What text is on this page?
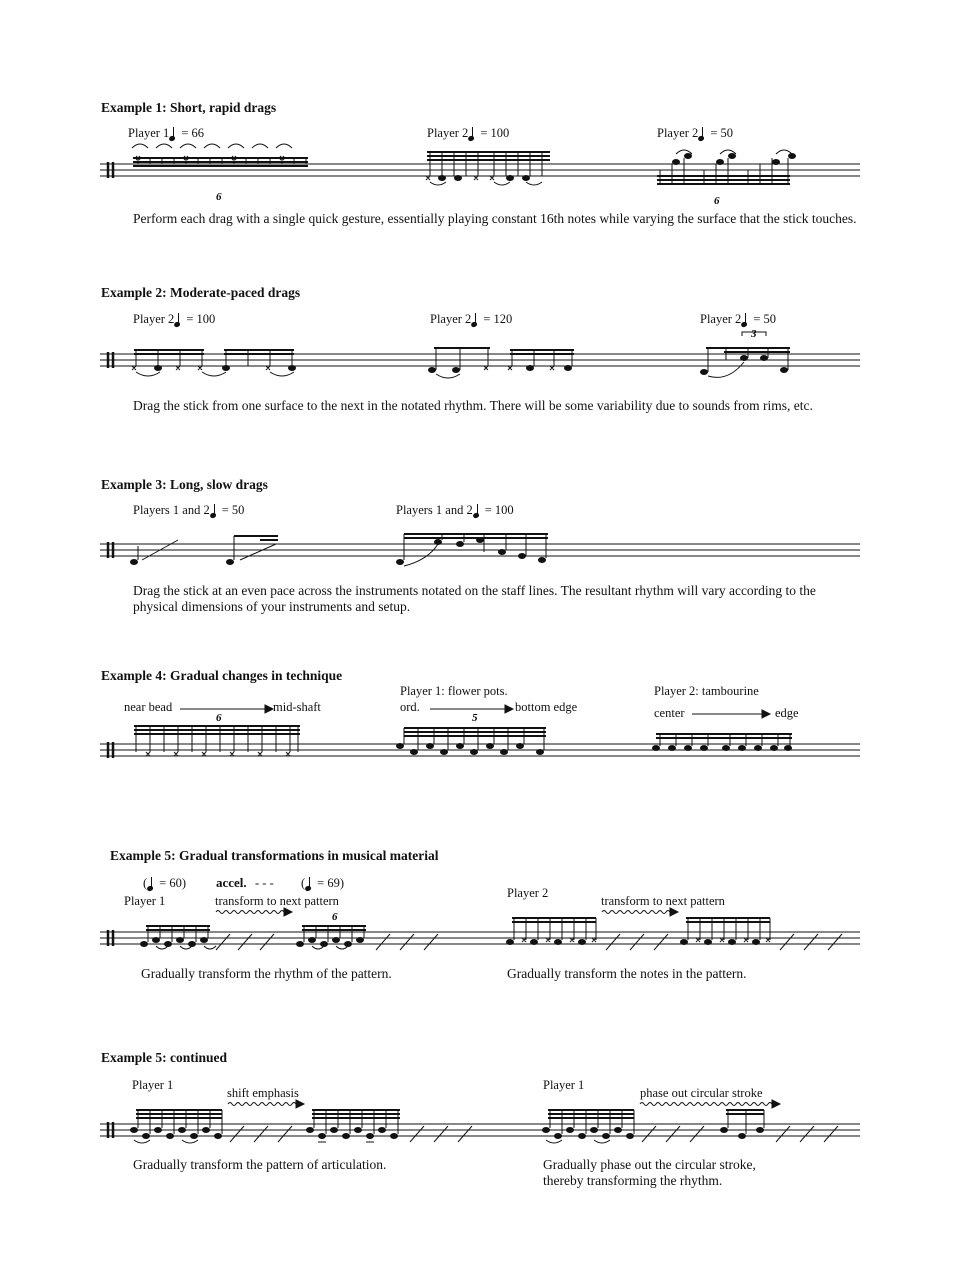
Example 1: Short, rapid drags
Player 1 = 66	Player 2 = 100	Player 2 = 50
6	6
Perform each drag with a single quick gesture, essentially playing constant 16th notes while varying the surface that the stick touches.
Example 2: Moderate-paced drags
Player 2 = 100	Player 2 = 120	Player 2 = 50
3
Drag the stick from one surface to the next in the notated rhythm. There will be some variability due to sounds from rims, etc.
Example 3: Long, slow drags
Players 1 and 2 = 50	Players 1 and 2 = 100
Drag the stick at an even pace across the instruments notated on the staff lines. The resultant rhythm will vary according to the
physical dimensions of your instruments and setup.
Example 4: Gradual changes in technique
Player 1: flower pots.	Player 2: tambourine
near bead	mid-shaft	ord.	bottom edge	center	edge
6	5
Example 5: Gradual transformations in musical material
( = 60) accel. ‑ ‑ ‑ ( = 69)
Player 1
Player 2
transform to next pattern	transform to next pattern
6
Gradually transform the rhythm of the pattern.	Gradually transform the notes in the pattern.
Example 5: continued
Player 1	Player 1
shift emphasis	phase out circular stroke
Gradually transform the pattern of articulation.	Gradually phase out the circular stroke,
thereby transforming the rhythm.
